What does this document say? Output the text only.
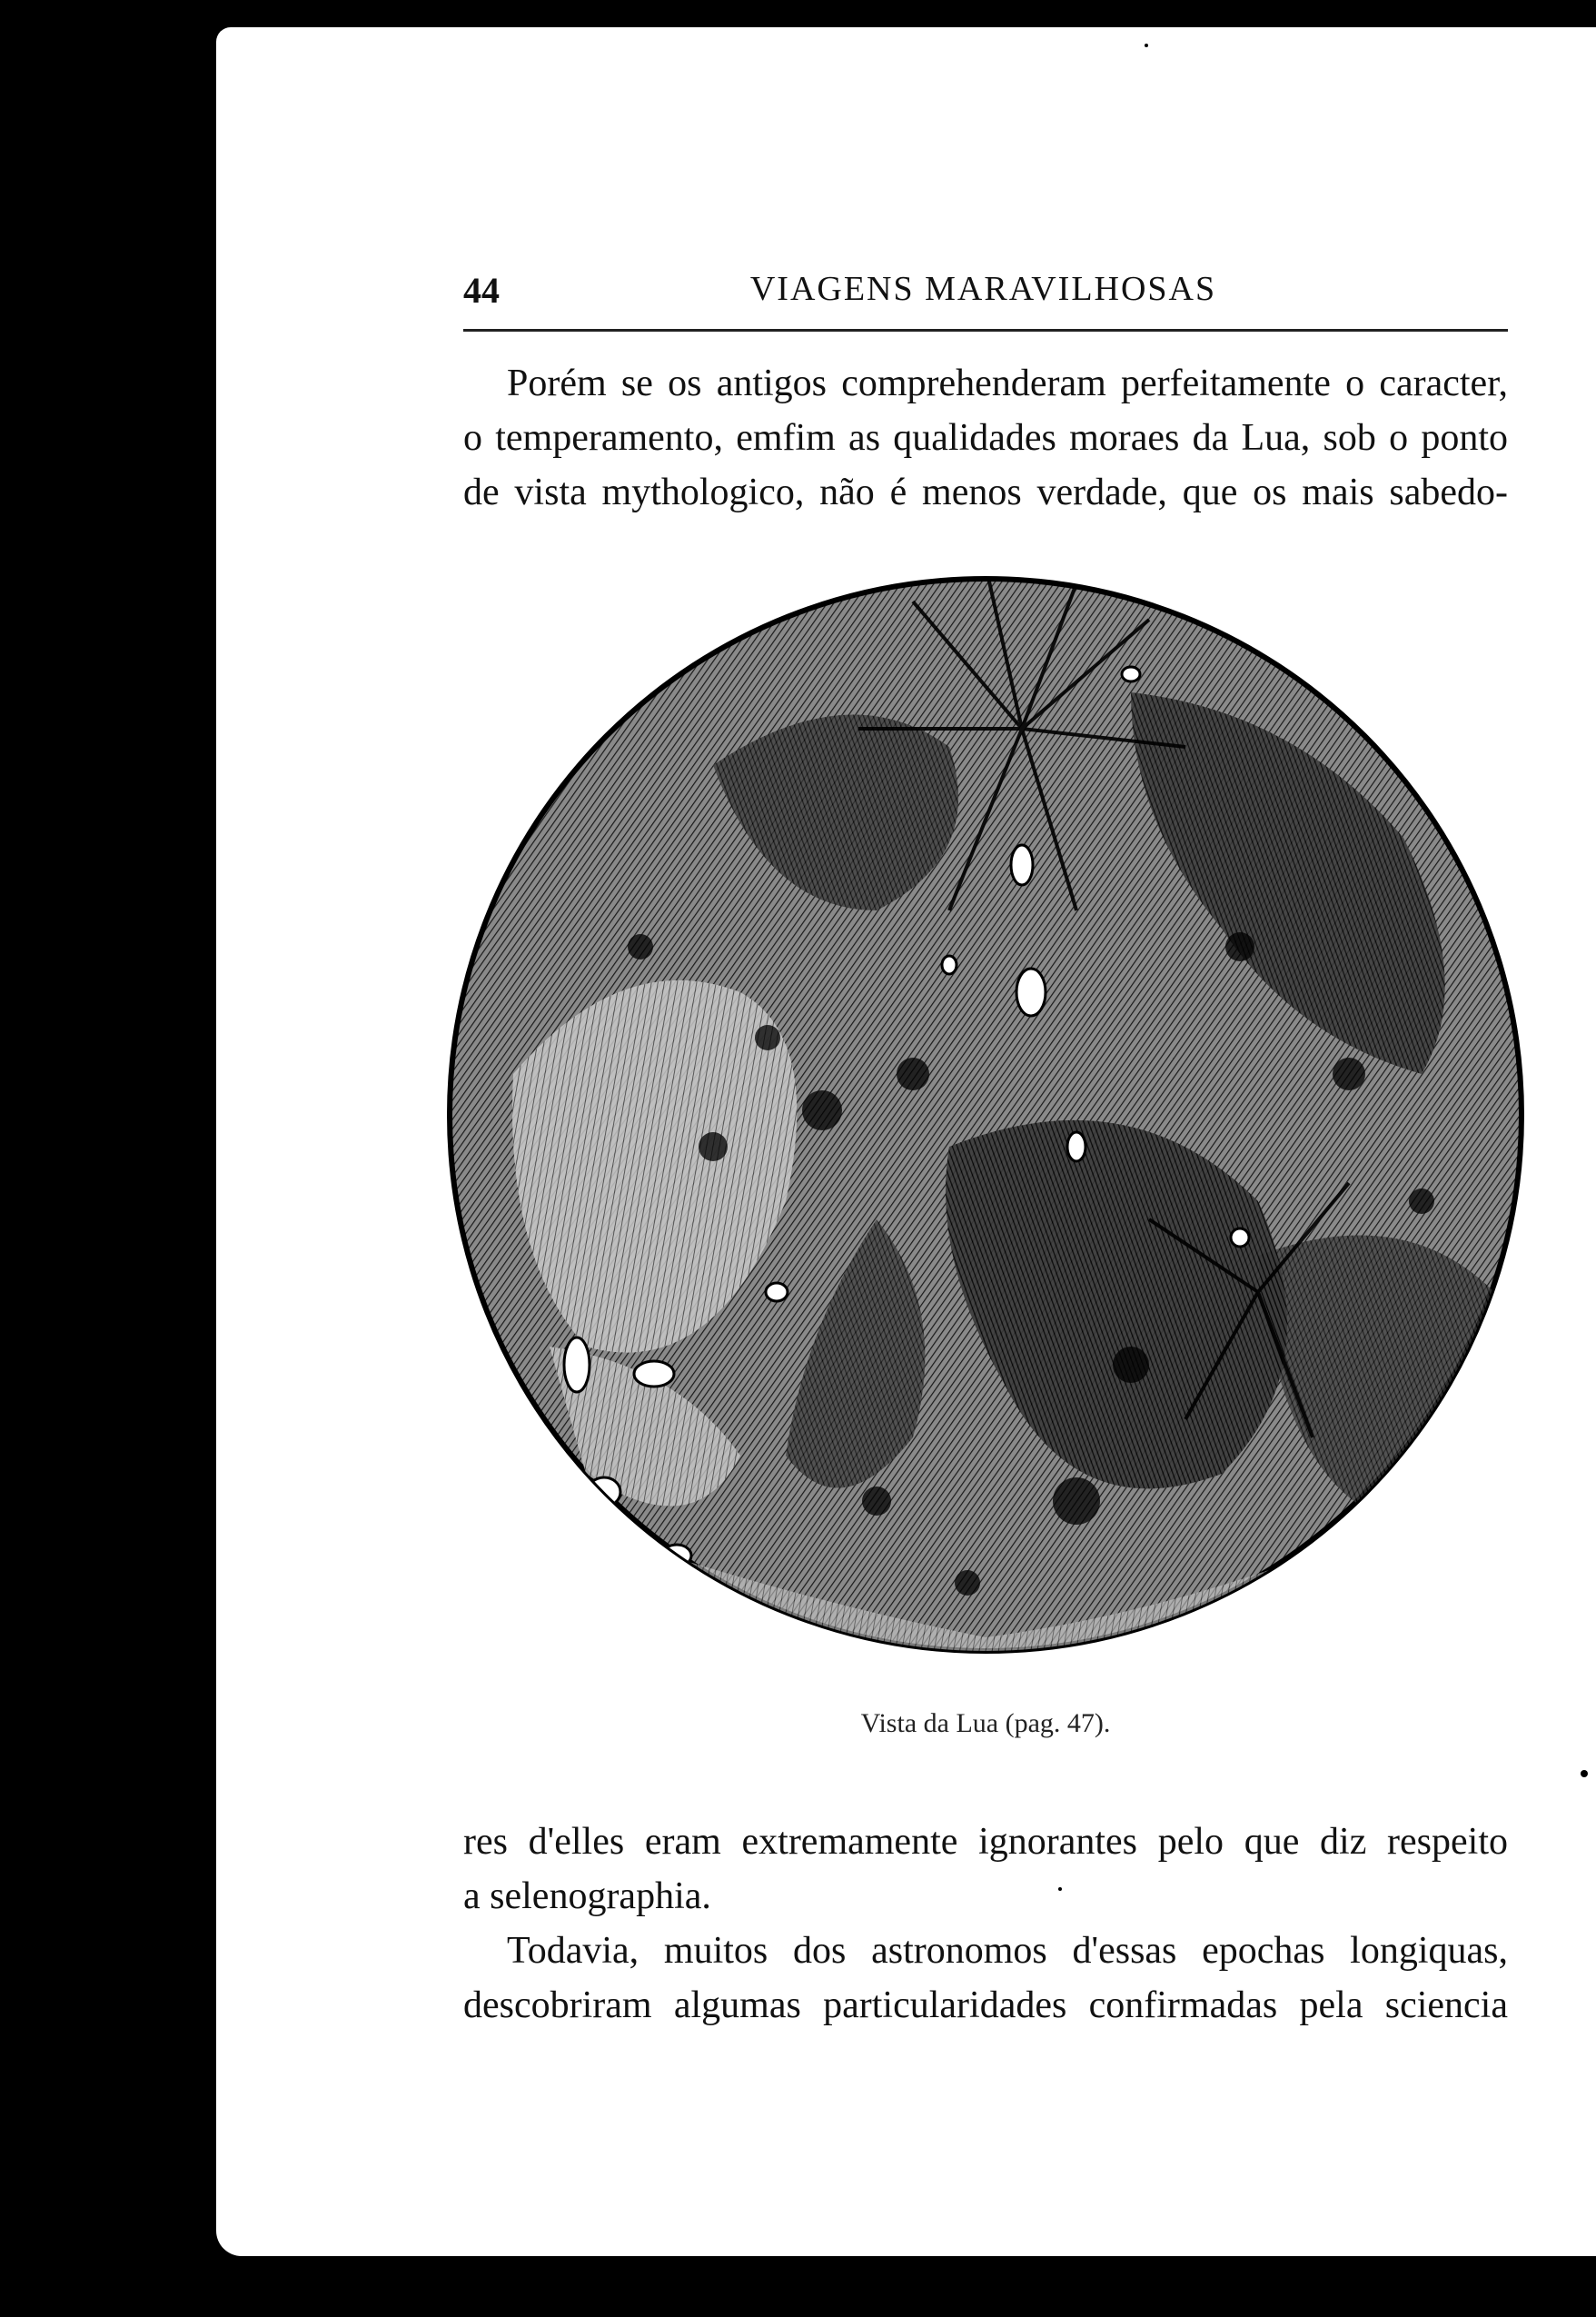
44	VIAGENS MARAVILHOSAS

Porém se os antigos comprehenderam perfeitamente o caracter,
o temperamento, emfim as qualidades moraes da Lua, sob o ponto
de vista mythologico, não é menos verdade, que os mais sabedo-

Vista da Lua (pag. 47).

res d'elles eram extremamente ignorantes pelo que diz respeito
a selenographia.

Todavia, muitos dos astronomos d'essas epochas longiquas,
descobriram algumas particularidades confirmadas pela sciencia
